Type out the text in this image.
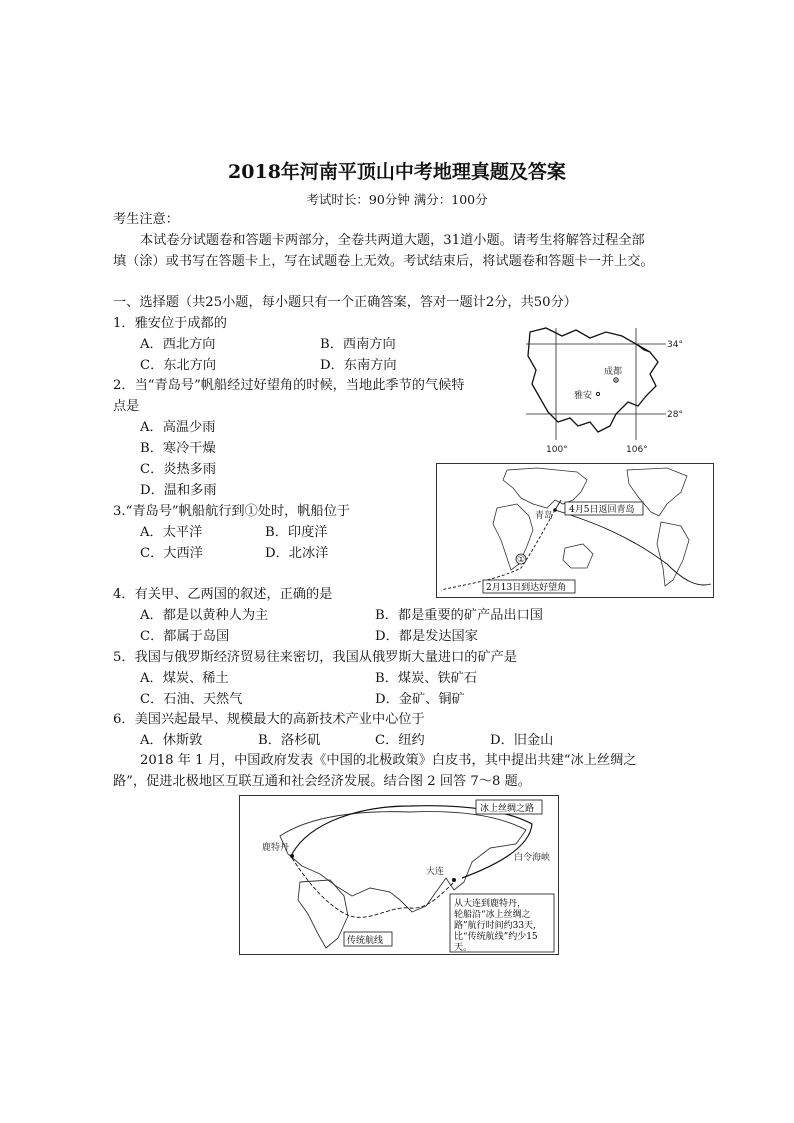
2018年河南平顶山中考地理真题及答案
考试时长：90分钟 满分：100分
考生注意：
本试卷分试题卷和答题卡两部分，全卷共两道大题，31道小题。请考生将解答过程全部
填（涂）或书写在答题卡上，写在试题卷上无效。考试结束后，将试题卷和答题卡一并上交。
一、选择题（共25小题，每小题只有一个正确答案，答对一题计2分，共50分）
1．雅安位于成都的
A．西北方向	B．西南方向
C．东北方向	D．东南方向
2．当“青岛号”帆船经过好望角的时候，当地此季节的气候特
点是
A．高温少雨
B．寒冷干燥
C．炎热多雨
D．温和多雨
3.“青岛号”帆船航行到①处时，帆船位于
A．太平洋	B．印度洋
C．大西洋	D．北冰洋
4．有关甲、乙两国的叙述，正确的是
A．都是以黄种人为主	B．都是重要的矿产品出口国
C．都属于岛国	D．都是发达国家
5．我国与俄罗斯经济贸易往来密切，我国从俄罗斯大量进口的矿产是
A．煤炭、稀土	B．煤炭、铁矿石
C．石油、天然气	D．金矿、铜矿
6．美国兴起最早、规模最大的高新技术产业中心位于
A．休斯敦	B．洛杉矶	C．纽约	D．旧金山
2018 年 1 月，中国政府发表《中国的北极政策》白皮书，其中提出共建“冰上丝绸之
路”，促进北极地区互联互通和社会经济发展。结合图 2 回答 7～8 题。
成都
雅安
34°
28°
100°	106°
①
青岛
4月5日返回青岛
2月13日到达好望角
鹿特丹
大连
白令海峡
冰上丝绸之路
传统航线
从大连到鹿特丹，
轮船沿“冰上丝绸之
路”航行时间约33天，
比“传统航线”约少15
天。
